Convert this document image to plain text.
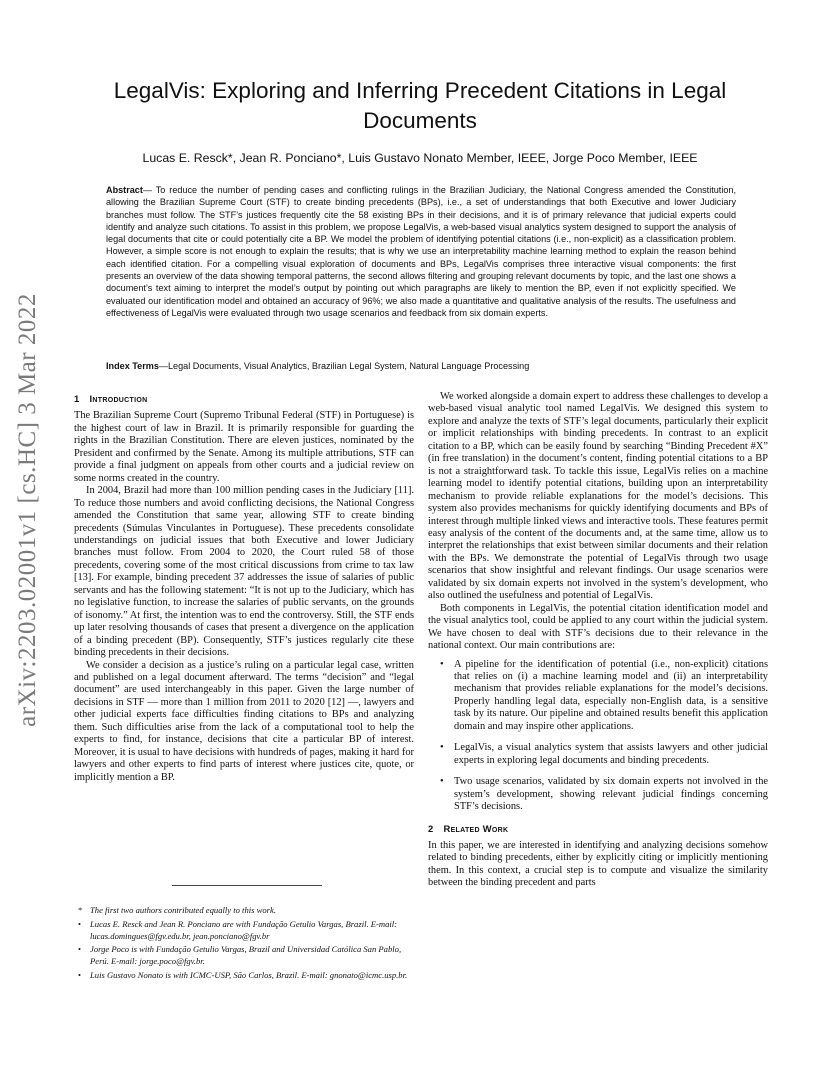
arXiv:2203.02001v1 [cs.HC] 3 Mar 2022
LegalVis: Exploring and Inferring Precedent Citations in Legal Documents
Lucas E. Resck*, Jean R. Ponciano*, Luis Gustavo Nonato Member, IEEE, Jorge Poco Member, IEEE
Abstract— To reduce the number of pending cases and conflicting rulings in the Brazilian Judiciary, the National Congress amended the Constitution, allowing the Brazilian Supreme Court (STF) to create binding precedents (BPs), i.e., a set of understandings that both Executive and lower Judiciary branches must follow. The STF’s justices frequently cite the 58 existing BPs in their decisions, and it is of primary relevance that judicial experts could identify and analyze such citations. To assist in this problem, we propose LegalVis, a web-based visual analytics system designed to support the analysis of legal documents that cite or could potentially cite a BP. We model the problem of identifying potential citations (i.e., non-explicit) as a classification problem. However, a simple score is not enough to explain the results; that is why we use an interpretability machine learning method to explain the reason behind each identified citation. For a compelling visual exploration of documents and BPs, LegalVis comprises three interactive visual components: the first presents an overview of the data showing temporal patterns, the second allows filtering and grouping relevant documents by topic, and the last one shows a document’s text aiming to interpret the model’s output by pointing out which paragraphs are likely to mention the BP, even if not explicitly specified. We evaluated our identification model and obtained an accuracy of 96%; we also made a quantitative and qualitative analysis of the results. The usefulness and effectiveness of LegalVis were evaluated through two usage scenarios and feedback from six domain experts.
Index Terms—Legal Documents, Visual Analytics, Brazilian Legal System, Natural Language Processing
1 Introduction

The Brazilian Supreme Court (Supremo Tribunal Federal (STF) in Portuguese) is the highest court of law in Brazil. It is primarily responsible for guarding the rights in the Brazilian Constitution. There are eleven justices, nominated by the President and confirmed by the Senate. Among its multiple attributions, STF can provide a final judgment on appeals from other courts and a judicial review on some norms created in the country.

In 2004, Brazil had more than 100 million pending cases in the Judiciary [11]. To reduce those numbers and avoid conflicting decisions, the National Congress amended the Constitution that same year, allowing STF to create binding precedents (Súmulas Vinculantes in Portuguese). These precedents consolidate understandings on judicial issues that both Executive and lower Judiciary branches must follow. From 2004 to 2020, the Court ruled 58 of those precedents, covering some of the most critical discussions from crime to tax law [13]. For example, binding precedent 37 addresses the issue of salaries of public servants and has the following statement: “It is not up to the Judiciary, which has no legislative function, to increase the salaries of public servants, on the grounds of isonomy.” At first, the intention was to end the controversy. Still, the STF ends up later resolving thousands of cases that present a divergence on the application of a binding precedent (BP). Consequently, STF’s justices regularly cite these binding precedents in their decisions.

We consider a decision as a justice’s ruling on a particular legal case, written and published on a legal document afterward. The terms “decision” and “legal document” are used interchangeably in this paper. Given the large number of decisions in STF — more than 1 million from 2011 to 2020 [12] —, lawyers and other judicial experts face difficulties finding citations to BPs and analyzing them. Such difficulties arise from the lack of a computational tool to help the experts to find, for instance, decisions that cite a particular BP of interest. Moreover, it is usual to have decisions with hundreds of pages, making it hard for lawyers and other experts to find parts of interest where justices cite, quote, or implicitly mention a BP.

We worked alongside a domain expert to address these challenges to develop a web-based visual analytic tool named LegalVis. We designed this system to explore and analyze the texts of STF’s legal documents, particularly their explicit or implicit relationships with binding precedents. In contrast to an explicit citation to a BP, which can be easily found by searching “Binding Precedent #X” (in free translation) in the document’s content, finding potential citations to a BP is not a straightforward task. To tackle this issue, LegalVis relies on a machine learning model to identify potential citations, building upon an interpretability mechanism to provide reliable explanations for the model’s decisions. This system also provides mechanisms for quickly identifying documents and BPs of interest through multiple linked views and interactive tools. These features permit easy analysis of the content of the documents and, at the same time, allow us to interpret the relationships that exist between similar documents and their relation with the BPs. We demonstrate the potential of LegalVis through two usage scenarios that show insightful and relevant findings. Our usage scenarios were validated by six domain experts not involved in the system’s development, who also outlined the usefulness and potential of LegalVis.

Both components in LegalVis, the potential citation identification model and the visual analytics tool, could be applied to any court within the judicial system. We have chosen to deal with STF’s decisions due to their relevance in the national context. Our main contributions are:

• A pipeline for the identification of potential (i.e., non-explicit) citations that relies on (i) a machine learning model and (ii) an interpretability mechanism that provides reliable explanations for the model’s decisions. Properly handling legal data, especially non-English data, is a sensitive task by its nature. Our pipeline and obtained results benefit this application domain and may inspire other applications.
• LegalVis, a visual analytics system that assists lawyers and other judicial experts in exploring legal documents and binding precedents.
• Two usage scenarios, validated by six domain experts not involved in the system’s development, showing relevant judicial findings concerning STF’s decisions.
2 Related Work

In this paper, we are interested in identifying and analyzing decisions somehow related to binding precedents, either by explicitly citing or implicitly mentioning them. In this context, a crucial step is to compute and visualize the similarity between the binding precedent and parts

* The first two authors contributed equally to this work.
• Lucas E. Resck and Jean R. Ponciano are with Fundação Getulio Vargas, Brazil. E-mail: lucas.domingues@fgv.edu.br, jean.ponciano@fgv.br
• Jorge Poco is with Fundação Getulio Vargas, Brazil and Universidad Católica San Pablo, Perú. E-mail: jorge.poco@fgv.br.
• Luis Gustavo Nonato is with ICMC-USP, São Carlos, Brazil. E-mail: gnonato@icmc.usp.br.
